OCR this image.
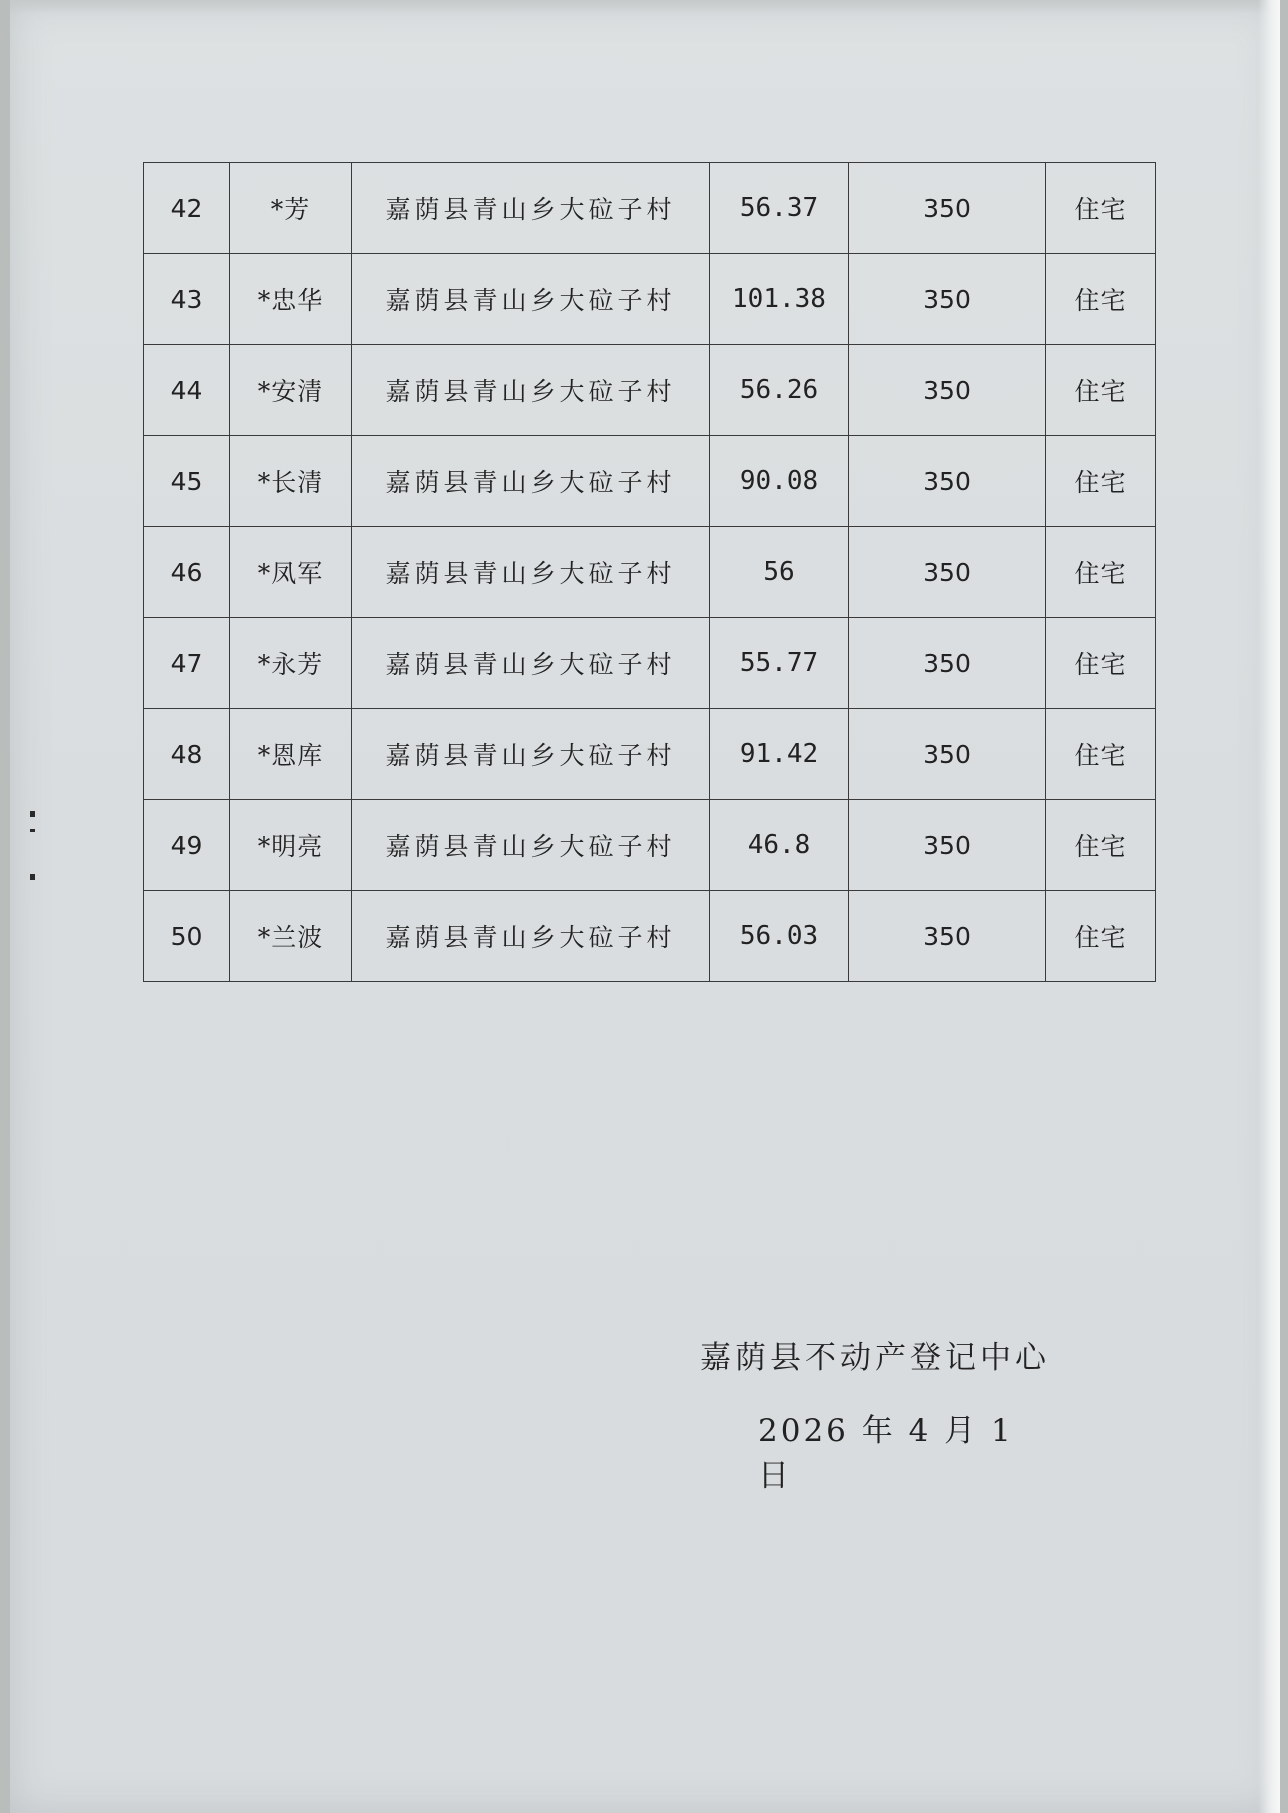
42	*芳	嘉荫县青山乡大砬子村	56.37	350	住宅
43	*忠华	嘉荫县青山乡大砬子村	101.38	350	住宅
44	*安清	嘉荫县青山乡大砬子村	56.26	350	住宅
45	*长清	嘉荫县青山乡大砬子村	90.08	350	住宅
46	*凤军	嘉荫县青山乡大砬子村	56	350	住宅
47	*永芳	嘉荫县青山乡大砬子村	55.77	350	住宅
48	*恩库	嘉荫县青山乡大砬子村	91.42	350	住宅
49	*明亮	嘉荫县青山乡大砬子村	46.8	350	住宅
50	*兰波	嘉荫县青山乡大砬子村	56.03	350	住宅
嘉荫县不动产登记中心
2026 年 4 月 1 日
